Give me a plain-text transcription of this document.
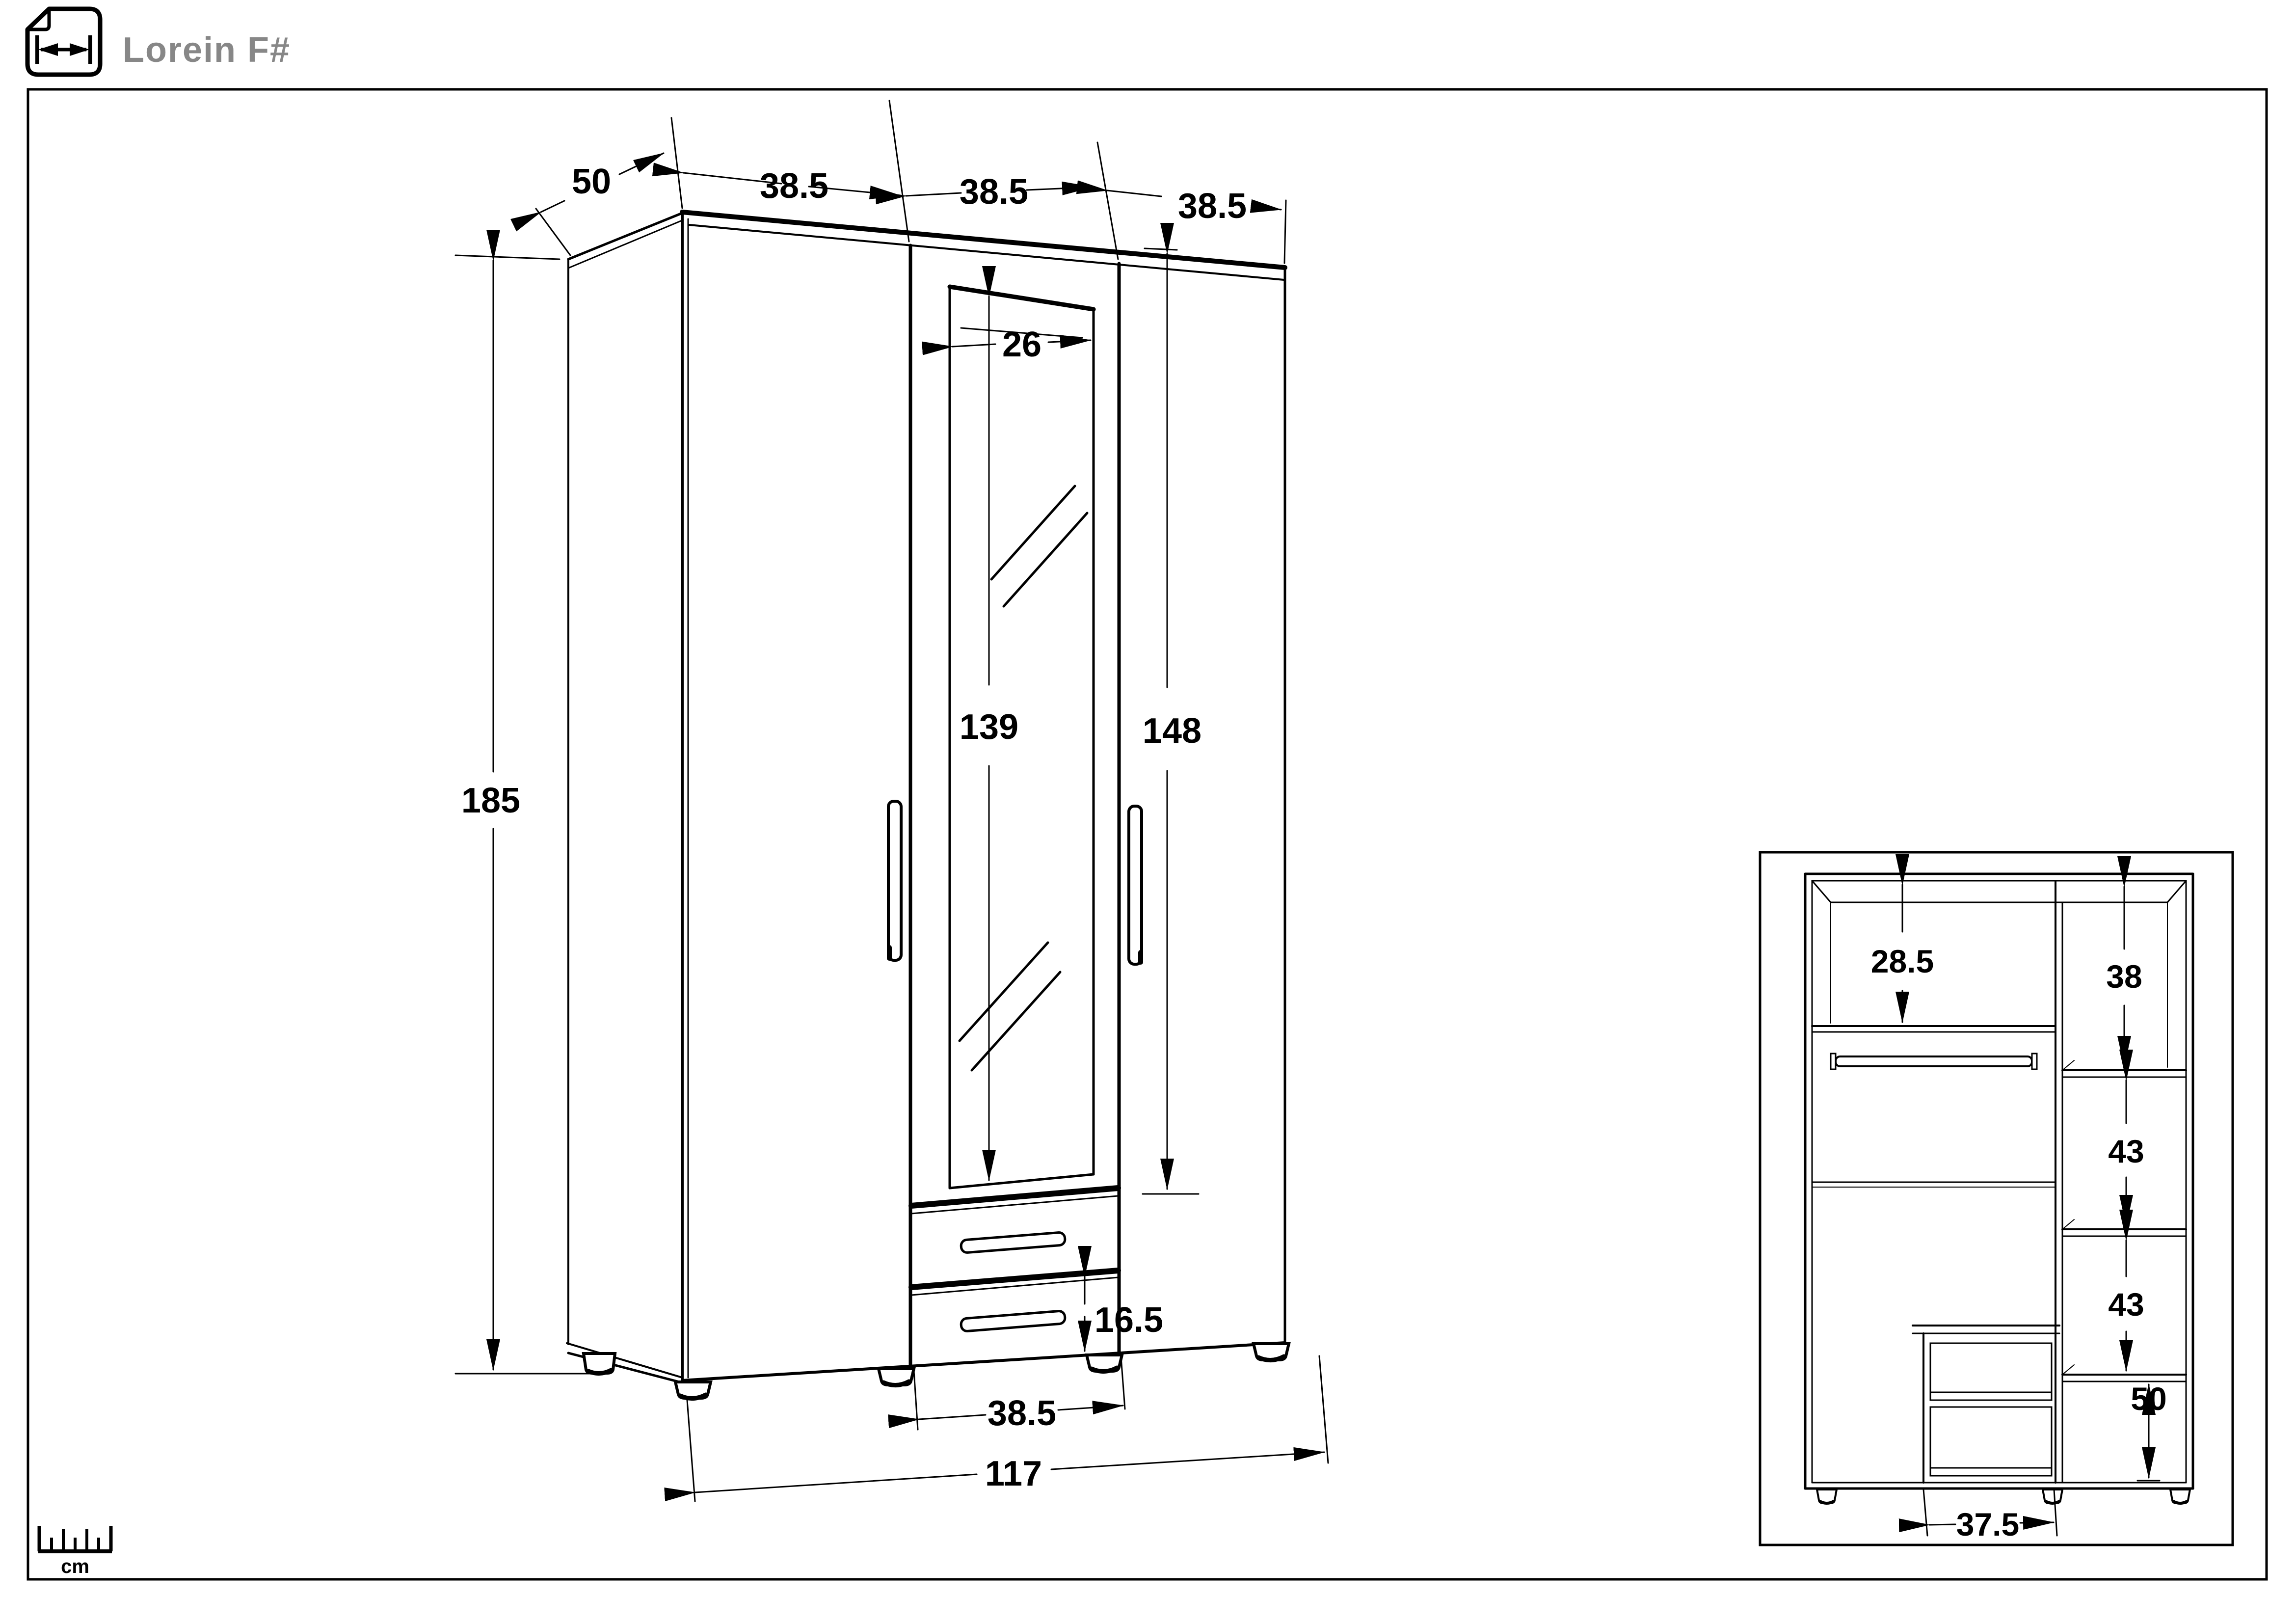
Lorein F#
50	38.5	38.5	38.5
26
139	148
185
16.5
38.5
117
28.5	38
43
43
50
37.5
cm
